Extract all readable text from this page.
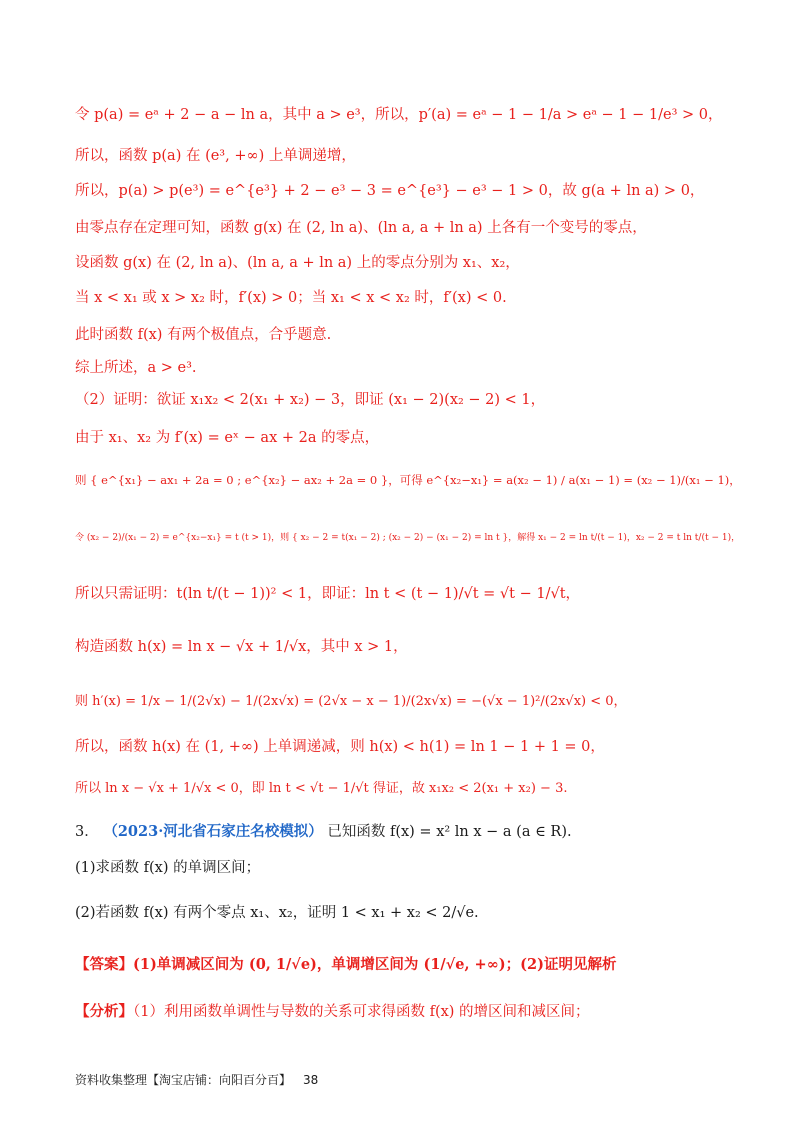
令 p(a) = eᵃ + 2 − a − ln a，其中 a > e³，所以，p′(a) = eᵃ − 1 − 1/a > eᵃ − 1 − 1/e³ > 0，
所以，函数 p(a) 在 (e³, +∞) 上单调递增，
所以，p(a) > p(e³) = e^{e³} + 2 − e³ − 3 = e^{e³} − e³ − 1 > 0，故 g(a + ln a) > 0，
由零点存在定理可知，函数 g(x) 在 (2, ln a)、(ln a, a + ln a) 上各有一个变号的零点，
设函数 g(x) 在 (2, ln a)、(ln a, a + ln a) 上的零点分别为 x₁、x₂，
当 x < x₁ 或 x > x₂ 时，f′(x) > 0；当 x₁ < x < x₂ 时，f′(x) < 0.
此时函数 f(x) 有两个极值点，合乎题意.
综上所述，a > e³.
（2）证明：欲证 x₁x₂ < 2(x₁ + x₂) − 3，即证 (x₁ − 2)(x₂ − 2) < 1，
由于 x₁、x₂ 为 f′(x) = eˣ − ax + 2a 的零点，
则 { e^{x₁} − ax₁ + 2a = 0 ; e^{x₂} − ax₂ + 2a = 0 }，可得 e^{x₂−x₁} = a(x₂ − 1) / a(x₁ − 1) = (x₂ − 1)/(x₁ − 1)，
令 (x₂ − 2)/(x₁ − 2) = e^{x₂−x₁} = t (t > 1)，则 { x₂ − 2 = t(x₁ − 2) ; (x₂ − 2) − (x₁ − 2) = ln t }，解得 x₁ − 2 = ln t/(t − 1)，x₂ − 2 = t ln t/(t − 1)，
所以只需证明：t(ln t/(t − 1))² < 1，即证：ln t < (t − 1)/√t = √t − 1/√t，
构造函数 h(x) = ln x − √x + 1/√x，其中 x > 1，
则 h′(x) = 1/x − 1/(2√x) − 1/(2x√x) = (2√x − x − 1)/(2x√x) = −(√x − 1)²/(2x√x) < 0，
所以，函数 h(x) 在 (1, +∞) 上单调递减，则 h(x) < h(1) = ln 1 − 1 + 1 = 0，
所以 ln x − √x + 1/√x < 0，即 ln t < √t − 1/√t 得证，故 x₁x₂ < 2(x₁ + x₂) − 3.
3． （2023·河北省石家庄名校模拟） 已知函数 f(x) = x² ln x − a (a ∈ R).
(1)求函数 f(x) 的单调区间；
(2)若函数 f(x) 有两个零点 x₁、x₂，证明 1 < x₁ + x₂ < 2/√e.
【答案】(1)单调减区间为 (0, 1/√e)，单调增区间为 (1/√e, +∞)；(2)证明见解析
【分析】（1）利用函数单调性与导数的关系可求得函数 f(x) 的增区间和减区间；
资料收集整理【淘宝店铺：向阳百分百】 38
